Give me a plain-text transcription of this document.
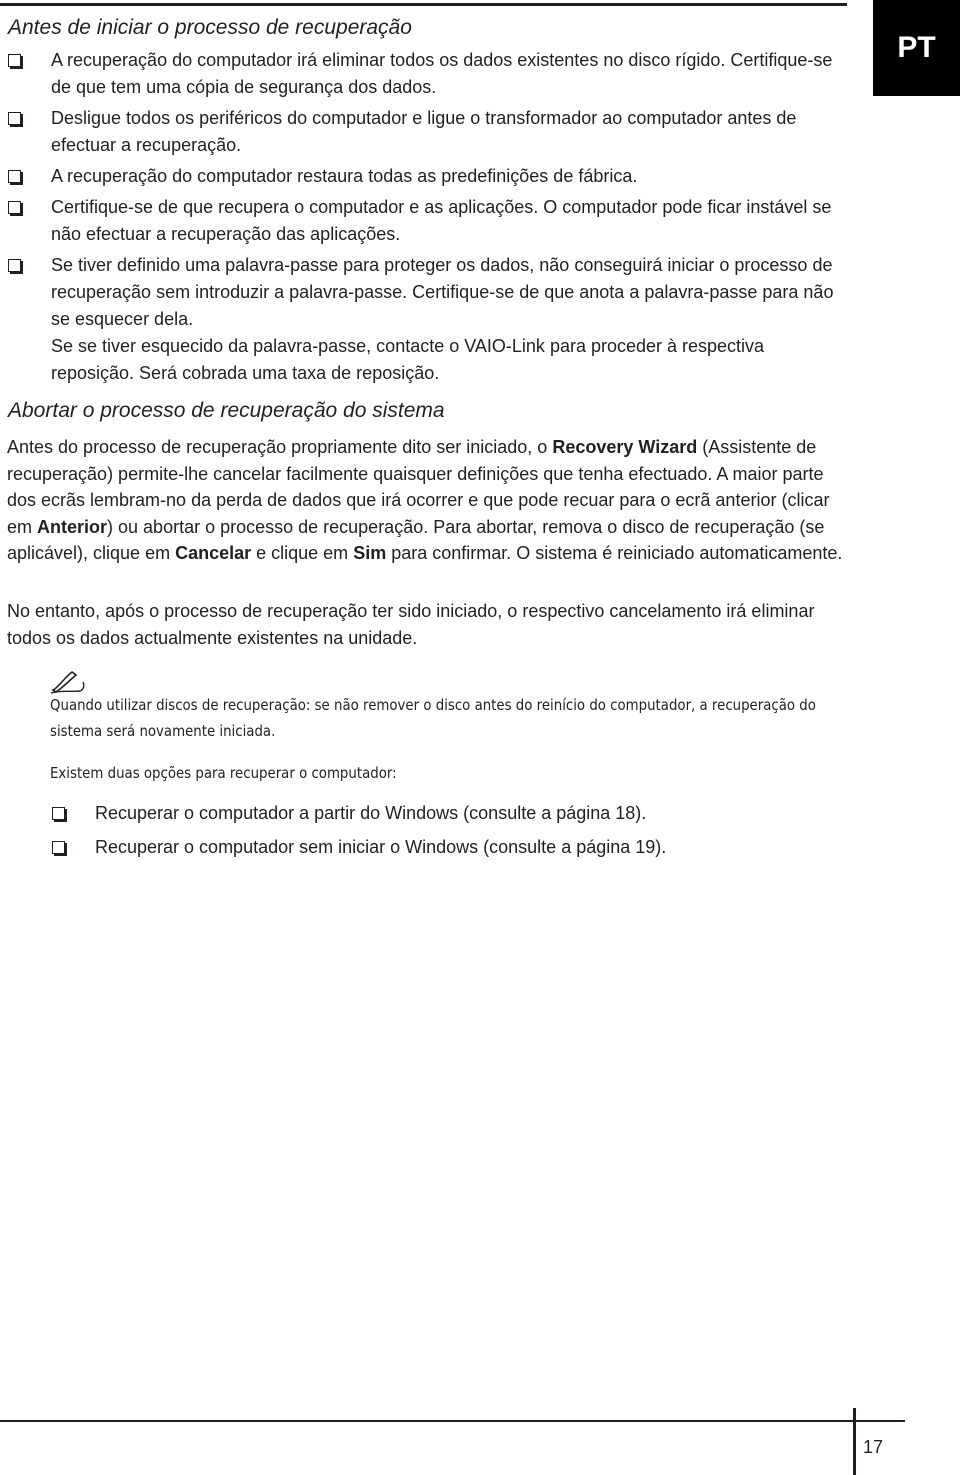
PT
Antes de iniciar o processo de recuperação
A recuperação do computador irá eliminar todos os dados existentes no disco rígido. Certifique-se de que tem uma cópia de segurança dos dados.
Desligue todos os periféricos do computador e ligue o transformador ao computador antes de efectuar a recuperação.
A recuperação do computador restaura todas as predefinições de fábrica.
Certifique-se de que recupera o computador e as aplicações. O computador pode ficar instável se não efectuar a recuperação das aplicações.
Se tiver definido uma palavra-passe para proteger os dados, não conseguirá iniciar o processo de recuperação sem introduzir a palavra-passe. Certifique-se de que anota a palavra-passe para não se esquecer dela.
Se se tiver esquecido da palavra-passe, contacte o VAIO-Link para proceder à respectiva reposição. Será cobrada uma taxa de reposição.
Abortar o processo de recuperação do sistema

Antes do processo de recuperação propriamente dito ser iniciado, o Recovery Wizard (Assistente de recuperação) permite-lhe cancelar facilmente quaisquer definições que tenha efectuado. A maior parte dos ecrãs lembram-no da perda de dados que irá ocorrer e que pode recuar para o ecrã anterior (clicar em Anterior) ou abortar o processo de recuperação. Para abortar, remova o disco de recuperação (se aplicável), clique em Cancelar e clique em Sim para confirmar. O sistema é reiniciado automaticamente.

No entanto, após o processo de recuperação ter sido iniciado, o respectivo cancelamento irá eliminar todos os dados actualmente existentes na unidade.

Quando utilizar discos de recuperação: se não remover o disco antes do reinício do computador, a recuperação do sistema será novamente iniciada.

Existem duas opções para recuperar o computador:

Recuperar o computador a partir do Windows (consulte a página 18).
Recuperar o computador sem iniciar o Windows (consulte a página 19).
17
